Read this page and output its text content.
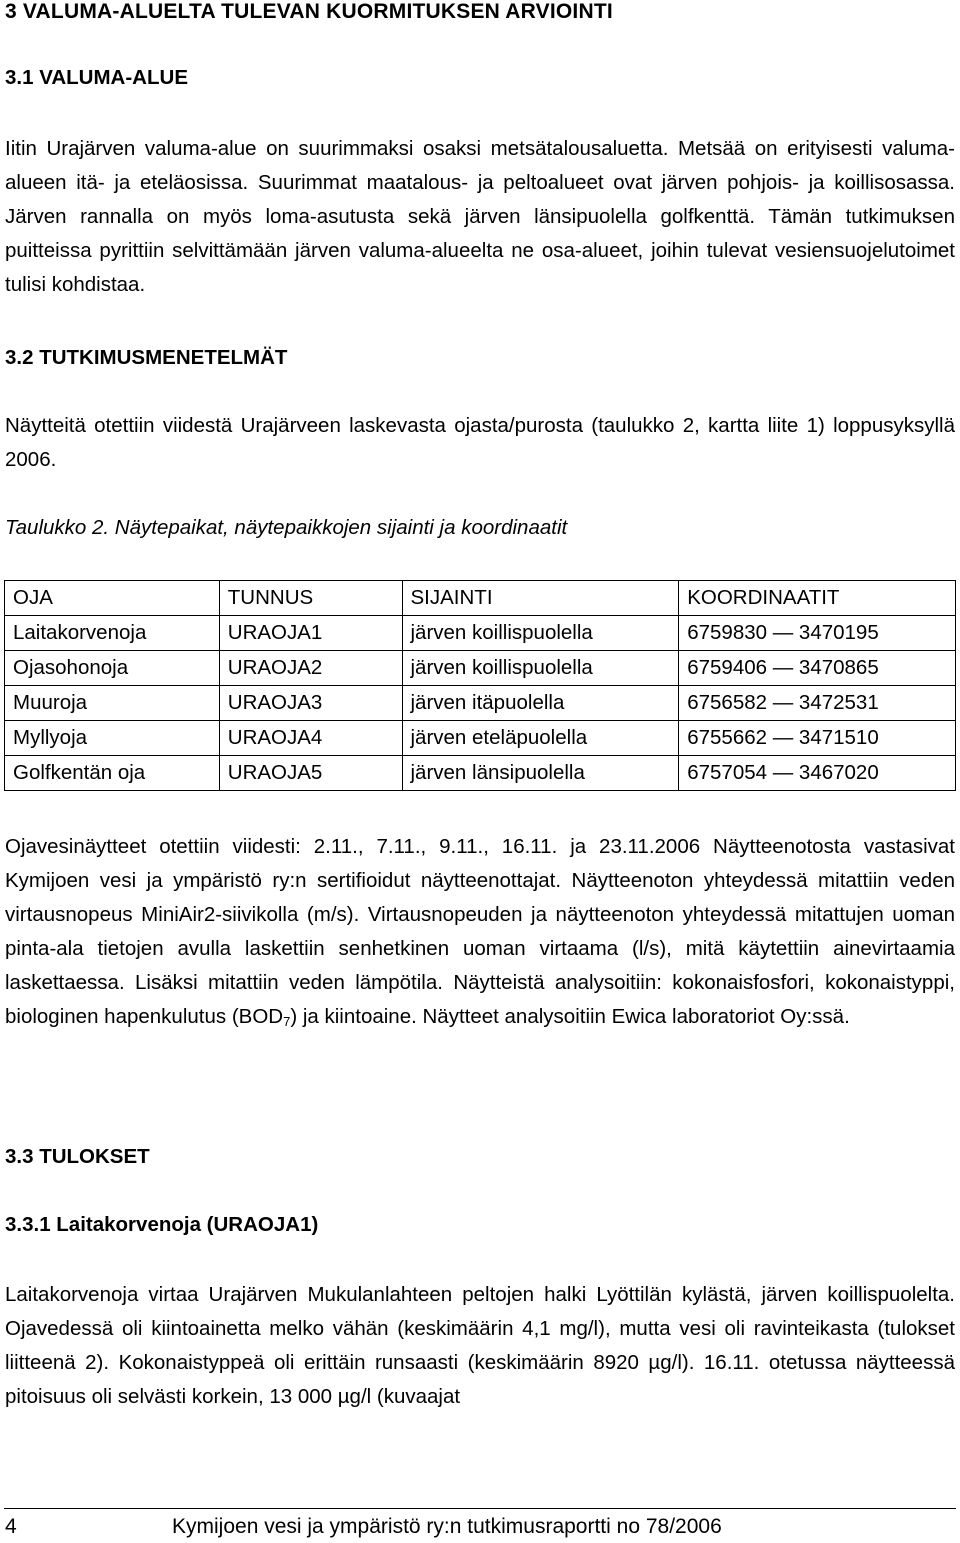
3 VALUMA-ALUELTA TULEVAN KUORMITUKSEN ARVIOINTI
3.1 VALUMA-ALUE
Iitin Urajärven valuma-alue on suurimmaksi osaksi metsätalousaluetta. Metsää on erityisesti valuma-alueen itä- ja eteläosissa. Suurimmat maatalous- ja peltoalueet ovat järven pohjois- ja koillisosassa. Järven rannalla on myös loma-asutusta sekä järven länsipuolella golfkenttä. Tämän tutkimuksen puitteissa pyrittiin selvittämään järven valuma-alueelta ne osa-alueet, joihin tulevat vesiensuojelutoimet tulisi kohdistaa.
3.2 TUTKIMUSMENETELMÄT
Näytteitä otettiin viidestä Urajärveen laskevasta ojasta/purosta (taulukko 2, kartta liite 1) loppusyksyllä 2006.
Taulukko 2. Näytepaikat, näytepaikkojen sijainti ja koordinaatit
OJA	TUNNUS	SIJAINTI	KOORDINAATIT
Laitakorvenoja	URAOJA1	järven koillispuolella	6759830 — 3470195
Ojasohonoja	URAOJA2	järven koillispuolella	6759406 — 3470865
Muuroja	URAOJA3	järven itäpuolella	6756582 — 3472531
Myllyoja	URAOJA4	järven eteläpuolella	6755662 — 3471510
Golfkentän oja	URAOJA5	järven länsipuolella	6757054 — 3467020
Ojavesinäytteet otettiin viidesti: 2.11., 7.11., 9.11., 16.11. ja 23.11.2006 Näytteenotosta vastasivat Kymijoen vesi ja ympäristö ry:n sertifioidut näytteenottajat. Näytteenoton yhteydessä mitattiin veden virtausnopeus MiniAir2-siivikolla (m/s). Virtausnopeuden ja näytteenoton yhteydessä mitattujen uoman pinta-ala tietojen avulla laskettiin senhetkinen uoman virtaama (l/s), mitä käytettiin ainevirtaamia laskettaessa. Lisäksi mitattiin veden lämpötila. Näytteistä analysoitiin: kokonaisfosfori, kokonaistyppi, biologinen hapenkulutus $(BOD_7)$ ja kiintoaine. Näytteet analysoitiin Ewica laboratoriot Oy:ssä.
3.3 TULOKSET
3.3.1 Laitakorvenoja (URAOJA1)
Laitakorvenoja virtaa Urajärven Mukulanlahteen peltojen halki Lyöttilän kylästä, järven koillispuolelta. Ojavedessä oli kiintoainetta melko vähän (keskimäärin 4,1 mg/l), mutta vesi oli ravinteikasta (tulokset liitteenä 2). Kokonaistyppeä oli erittäin runsaasti (keskimäärin 8920 µg/l). 16.11. otetussa näytteessä pitoisuus oli selvästi korkein, 13 000 µg/l (kuvaajat
4	Kymijoen vesi ja ympäristö ry:n tutkimusraportti no 78/2006
